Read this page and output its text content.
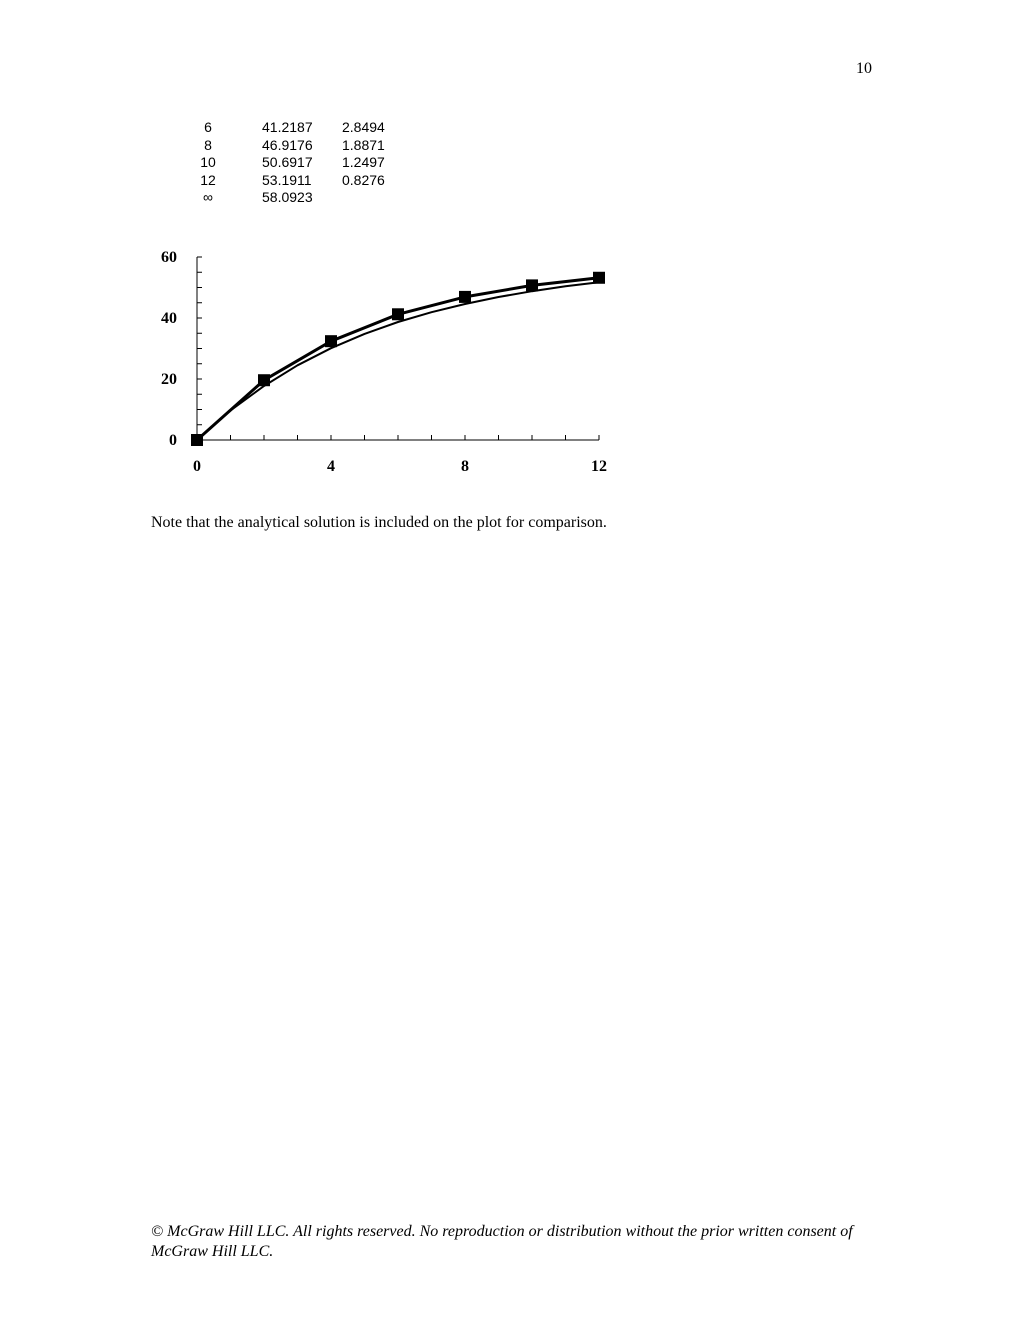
10
6	41.2187	2.8494
8	46.9176	1.8871
10	50.6917	1.2497
12	53.1911	0.8276
∞	58.0923
0
20
40
60
0	4	8	12
Note that the analytical solution is included on the plot for comparison.
© McGraw Hill LLC. All rights reserved. No reproduction or distribution without the prior written consent of McGraw Hill LLC.
